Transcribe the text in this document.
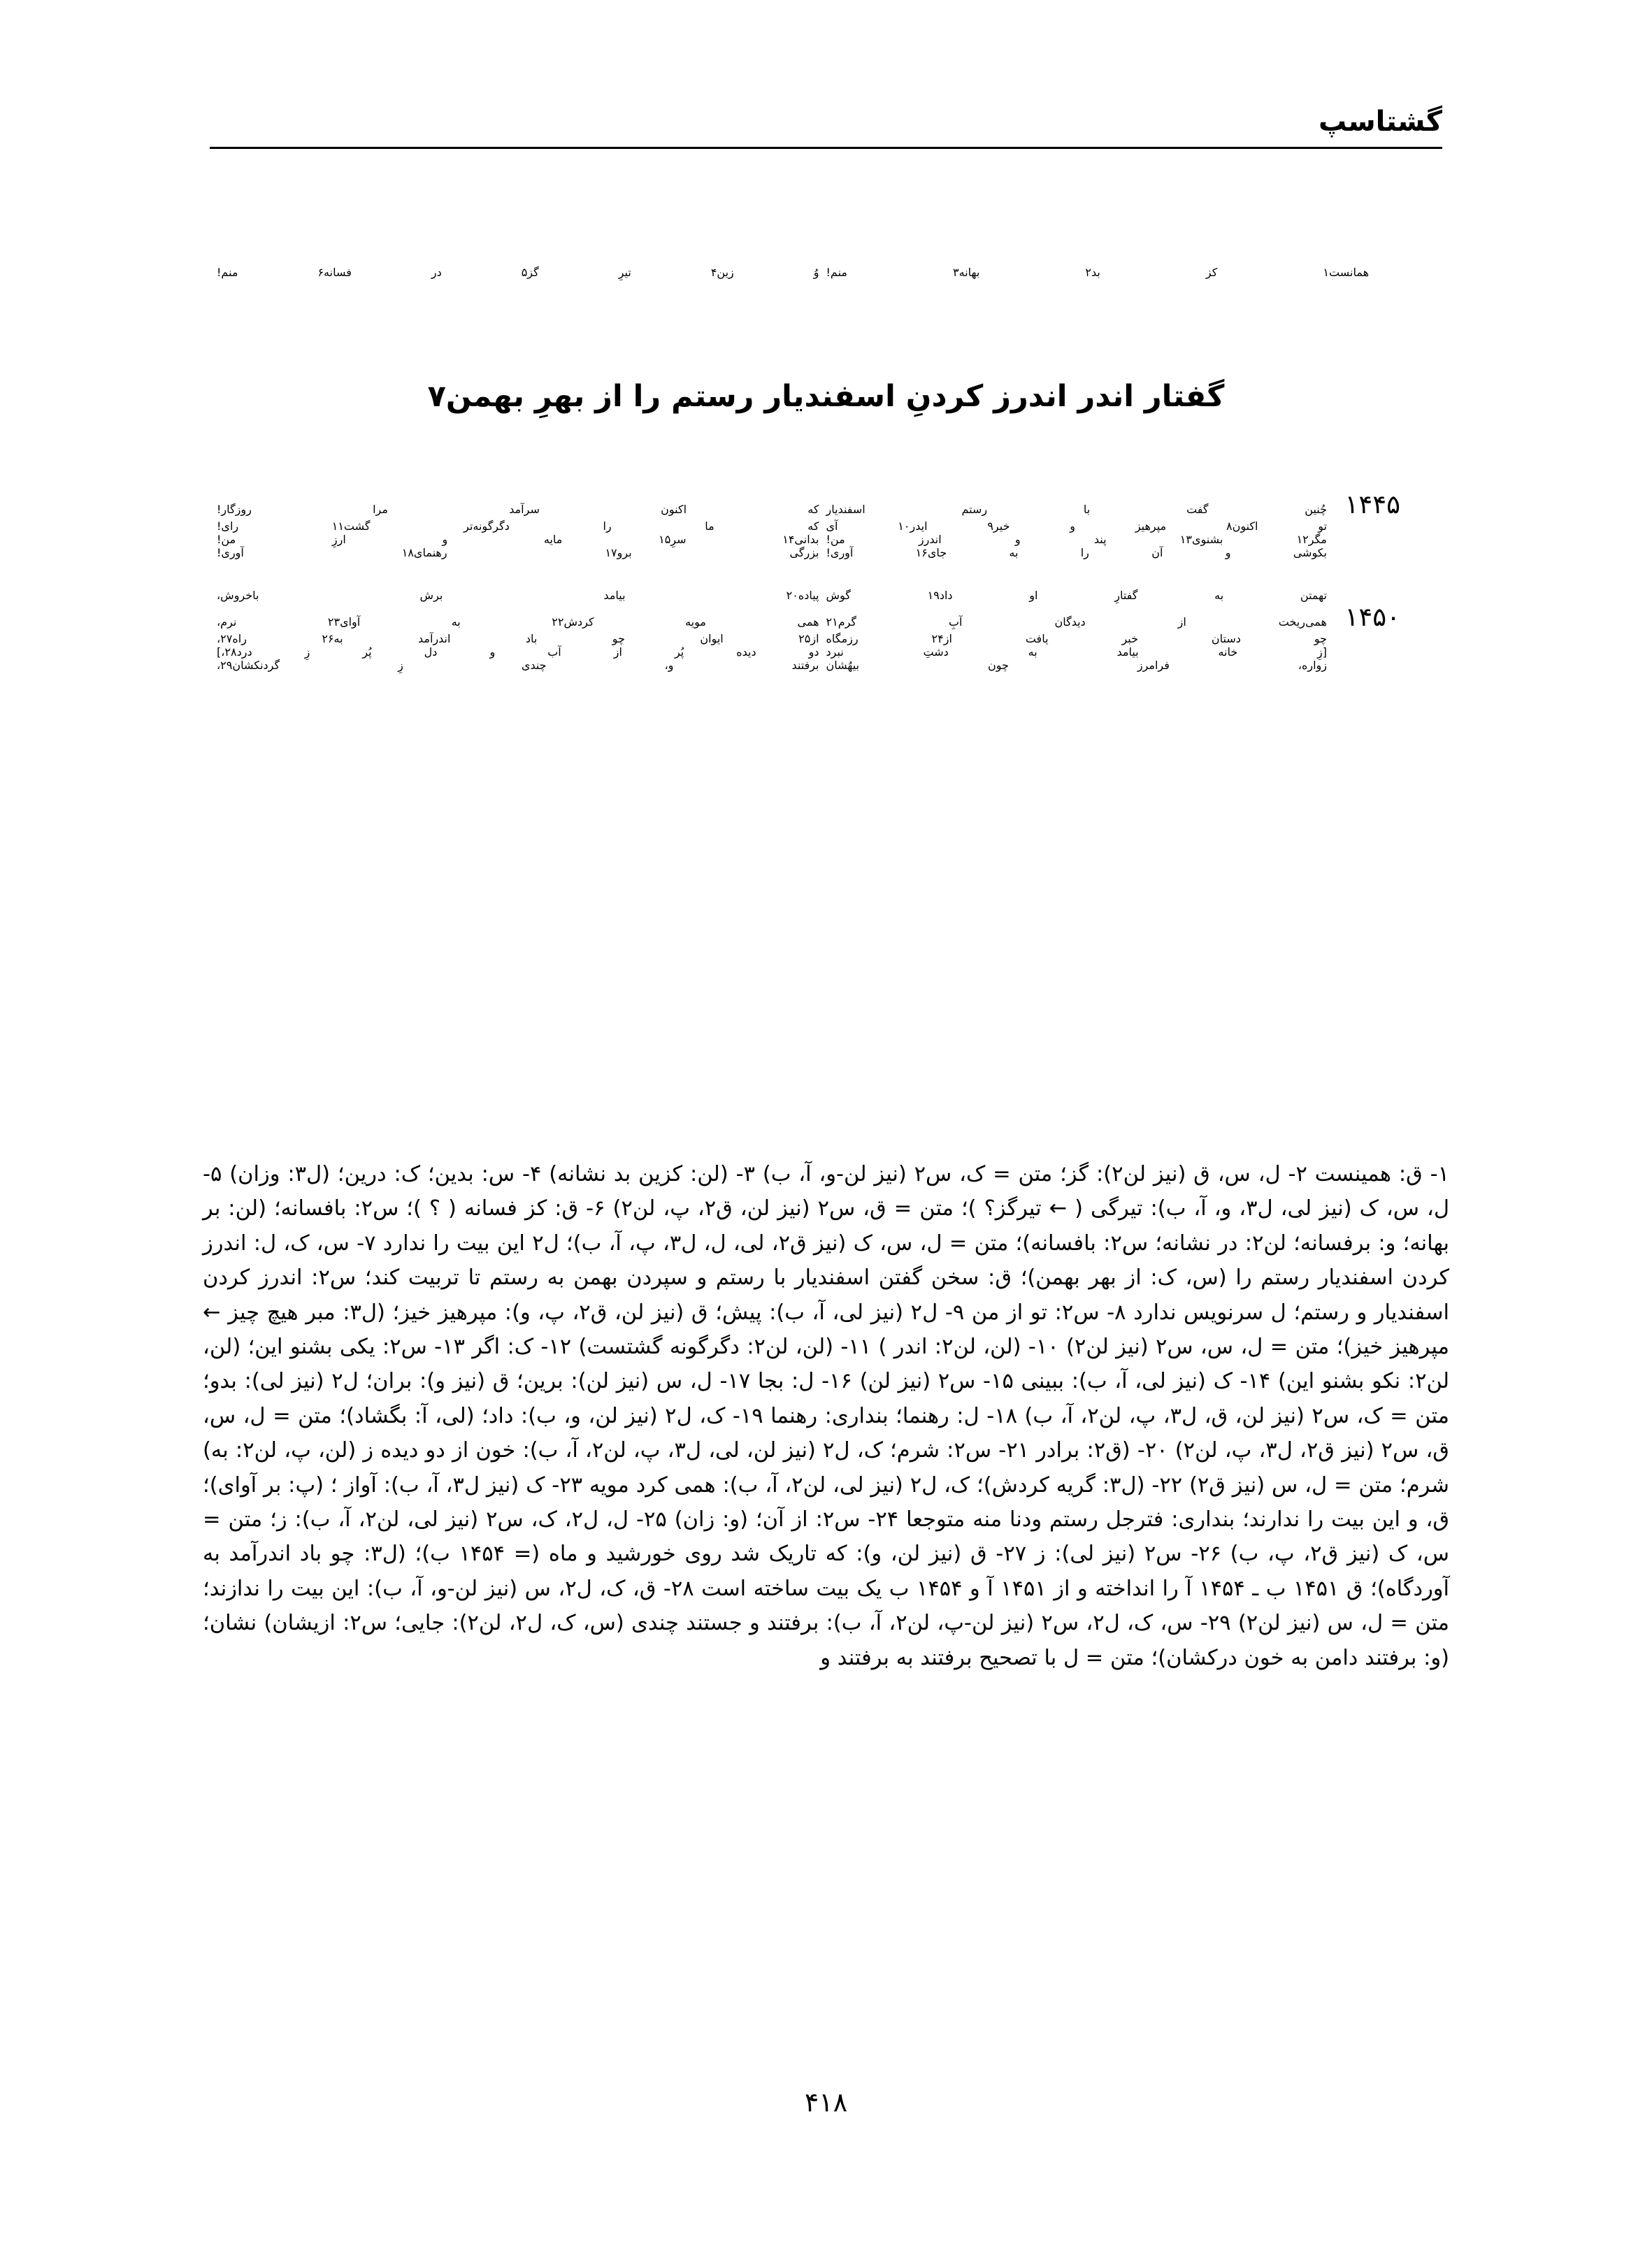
گشتاسپ
همانست۱ کز بد۲ بهانه۳ منم!
وُ زین۴ تیرِ گز۵ در فسانه۶ منم!
گفتار اندر اندرز کردنِ اسفندیار رستم را از بهرِ بهمن۷
۱۴۴۵
چُنین گفت با رستم اسفندیار
که اکنون سرآمد مرا روزگار!
تو اکنون۸ مپرهیز و خیر۹ ایدر۱۰ آی
که ما را دگرگونه‌تر گشت۱۱ رای!
مگر۱۲ بشنوی۱۳ پند و اندرز من!
بدانی۱۴ سرِ۱۵ مایه و ارزِ من!
بکوشی و آن را به جای۱۶ آوری!
بزرگی برو۱۷ رهنمای۱۸ آوری!
تهمتن به گفتارِ او داد۱۹ گوش
پیاده۲۰ بیامد برش باخروش،
۱۴۵۰
همی‌ریخت از دیدگان آبِ گرم۲۱
همی مویه کردش۲۲ به آوای۲۳ نرم،
چو دستان خبر یافت از۲۴ رزمگاه
از۲۵ ایوان چو باد اندرآمد به۲۶ راه۲۷،
[زِ خانه بیامد به دشتِ نبرد
دو دیده پُر از آب و دل پُر زِ درد۲۸،]
زواره، فرامرز چون بیهُشان
برفتند و، چندی زِ گردنکشان۲۹،

۱- ق: همینست ۲- ل، س، ق (نیز لن۲): گز؛ متن = ک، س۲ (نیز لن-و، آ، ب) ۳- (لن: کزین بد نشانه) ۴- س: بدین؛ ک: درین؛ (ل۳: وزان) ۵- ل، س، ک (نیز لی، ل۳، و، آ، ب): تیرگی ( ← تیرگز؟ )؛ متن = ق، س۲ (نیز لن، ق۲، پ، لن۲) ۶- ق: کز فسانه ( ؟ )؛ س۲: بافسانه؛ (لن: بر بهانه؛ و: برفسانه؛ لن۲: در نشانه؛ س۲: بافسانه)؛ متن = ل، س، ک (نیز ق۲، لی، ل، ل۳، پ، آ، ب)؛ ل۲ این بیت را ندارد ۷- س، ک، ل: اندرز کردن اسفندیار رستم را (س، ک: از بهر بهمن)؛ ق: سخن گفتن اسفندیار با رستم و سپردن بهمن به رستم تا تربیت کند؛ س۲: اندرز کردن اسفندیار و رستم؛ ل سرنویس ندارد ۸- س۲: تو از من ۹- ل۲ (نیز لی، آ، ب): پیش؛ ق (نیز لن، ق۲، پ، و): مپرهیز خیز؛ (ل۳: مبر هیچ چیز ← مپرهیز خیز)؛ متن = ل، س، س۲ (نیز لن۲) ۱۰- (لن، لن۲: اندر ) ۱۱- (لن، لن۲: دگرگونه گشتست) ۱۲- ک: اگر ۱۳- س۲: یکی بشنو این؛ (لن، لن۲: نکو بشنو این) ۱۴- ک (نیز لی، آ، ب): ببینی ۱۵- س۲ (نیز لن) ۱۶- ل: بجا ۱۷- ل، س (نیز لن): برین؛ ق (نیز و): بران؛ ل۲ (نیز لی): بدو؛ متن = ک، س۲ (نیز لن، ق، ل۳، پ، لن۲، آ، ب) ۱۸- ل: رهنما؛ بنداری: رهنما ۱۹- ک، ل۲ (نیز لن، و، ب): داد؛ (لی، آ: بگشاد)؛ متن = ل، س، ق، س۲ (نیز ق۲، ل۳، پ، لن۲) ۲۰- (ق۲: برادر ۲۱- س۲: شرم؛ ک، ل۲ (نیز لن، لی، ل۳، پ، لن۲، آ، ب): خون از دو دیده ز (لن، پ، لن۲: به) شرم؛ متن = ل، س (نیز ق۲) ۲۲- (ل۳: گریه کردش)؛ ک، ل۲ (نیز لی، لن۲، آ، ب): همی کرد مویه ۲۳- ک (نیز ل۳، آ، ب): آواز ؛ (پ: بر آوای)؛ ق، و این بیت را ندارند؛ بنداری: فترجل رستم ودنا منه متوجعا ۲۴- س۲: از آن؛ (و: زان) ۲۵- ل، ل۲، ک، س۲ (نیز لی، لن۲، آ، ب): ز؛ متن = س، ک (نیز ق۲، پ، ب) ۲۶- س۲ (نیز لی): ز ۲۷- ق (نیز لن، و): که تاریک شد روی خورشید و ماه (= ۱۴۵۴ ب)؛ (ل۳: چو باد اندرآمد به آوردگاه)؛ ق ۱۴۵۱ ب ـ ۱۴۵۴ آ را انداخته و از ۱۴۵۱ آ و ۱۴۵۴ ب یک بیت ساخته است ۲۸- ق، ک، ل۲، س (نیز لن-و، آ، ب): این بیت را ندازند؛ متن = ل، س (نیز لن۲) ۲۹- س، ک، ل۲، س۲ (نیز لن-پ، لن۲، آ، ب): برفتند و جستند چندی (س، ک، ل۲، لن۲): جایی؛ س۲: ازیشان) نشان؛ (و: برفتند دامن به خون درکشان)؛ متن = ل با تصحیح برفتند به برفتند و

۴۱۸
